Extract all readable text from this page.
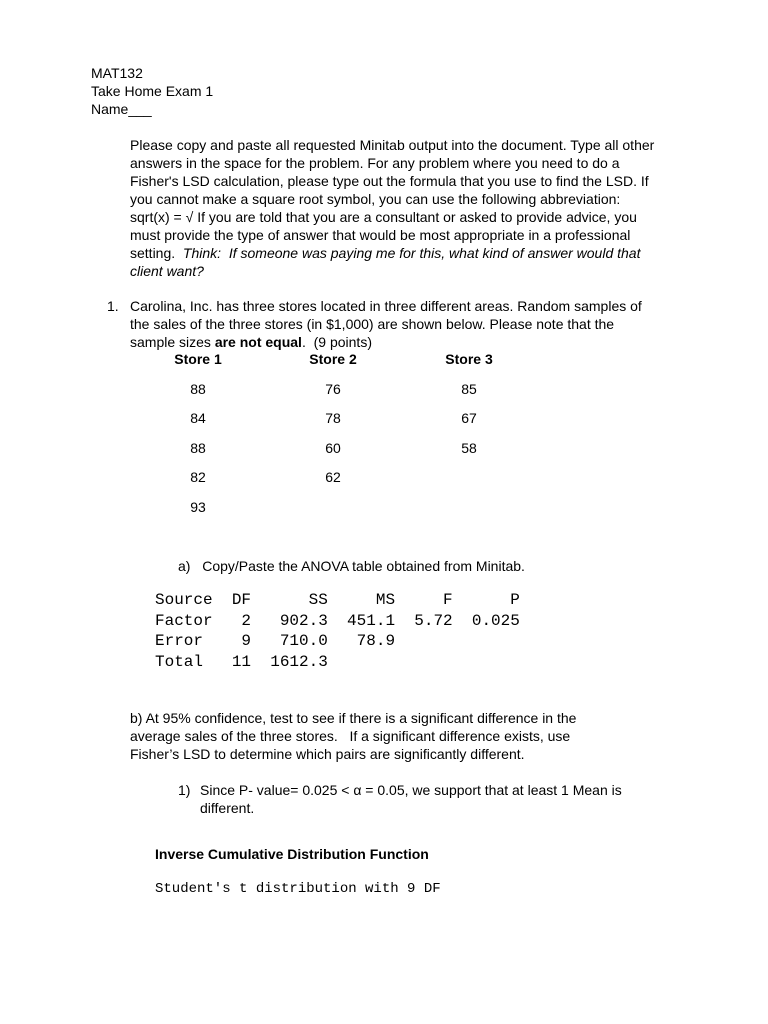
MAT132
Take Home Exam 1
Name___
Please copy and paste all requested Minitab output into the document. Type all other
answers in the space for the problem. For any problem where you need to do a
Fisher's LSD calculation, please type out the formula that you use to find the LSD. If
you cannot make a square root symbol, you can use the following abbreviation:
sqrt(x) = √ If you are told that you are a consultant or asked to provide advice, you
must provide the type of answer that would be most appropriate in a professional
setting.  Think:  If someone was paying me for this, what kind of answer would that
client want?
1. Carolina, Inc. has three stores located in three different areas. Random samples of
the sales of the three stores (in $1,000) are shown below. Please note that the
sample sizes are not equal.  (9 points)
Store 1	Store 2	Store 3
88
84
88
82
93
76
78
60
62
85
67
58
a) Copy/Paste the ANOVA table obtained from Minitab.
Source  DF      SS     MS     F      P
Factor   2   902.3  451.1  5.72  0.025
Error    9   710.0   78.9
Total   11  1612.3
b) At 95% confidence, test to see if there is a significant difference in the
average sales of the three stores.   If a significant difference exists, use
Fisher’s LSD to determine which pairs are significantly different.
1) Since P- value= 0.025 < α = 0.05, we support that at least 1 Mean is
different.
Inverse Cumulative Distribution Function
Student's t distribution with 9 DF
